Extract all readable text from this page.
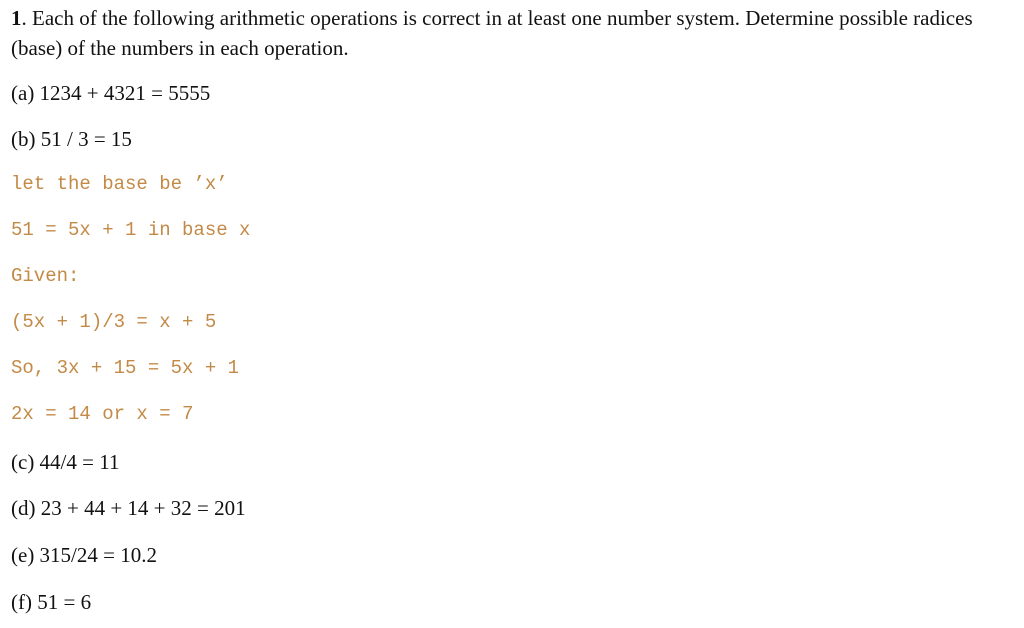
1. Each of the following arithmetic operations is correct in at least one number system. Determine possible radices (base) of the numbers in each operation.
(a) 1234 + 4321 = 5555
(b) 51 / 3 = 15
let the base be ’x’
51 = 5x + 1 in base x
Given:
(5x + 1)/3 = x + 5
So, 3x + 15 = 5x + 1
2x = 14 or x = 7
(c) 44/4 = 11
(d) 23 + 44 + 14 + 32 = 201
(e) 315/24 = 10.2
(f) 51 = 6
